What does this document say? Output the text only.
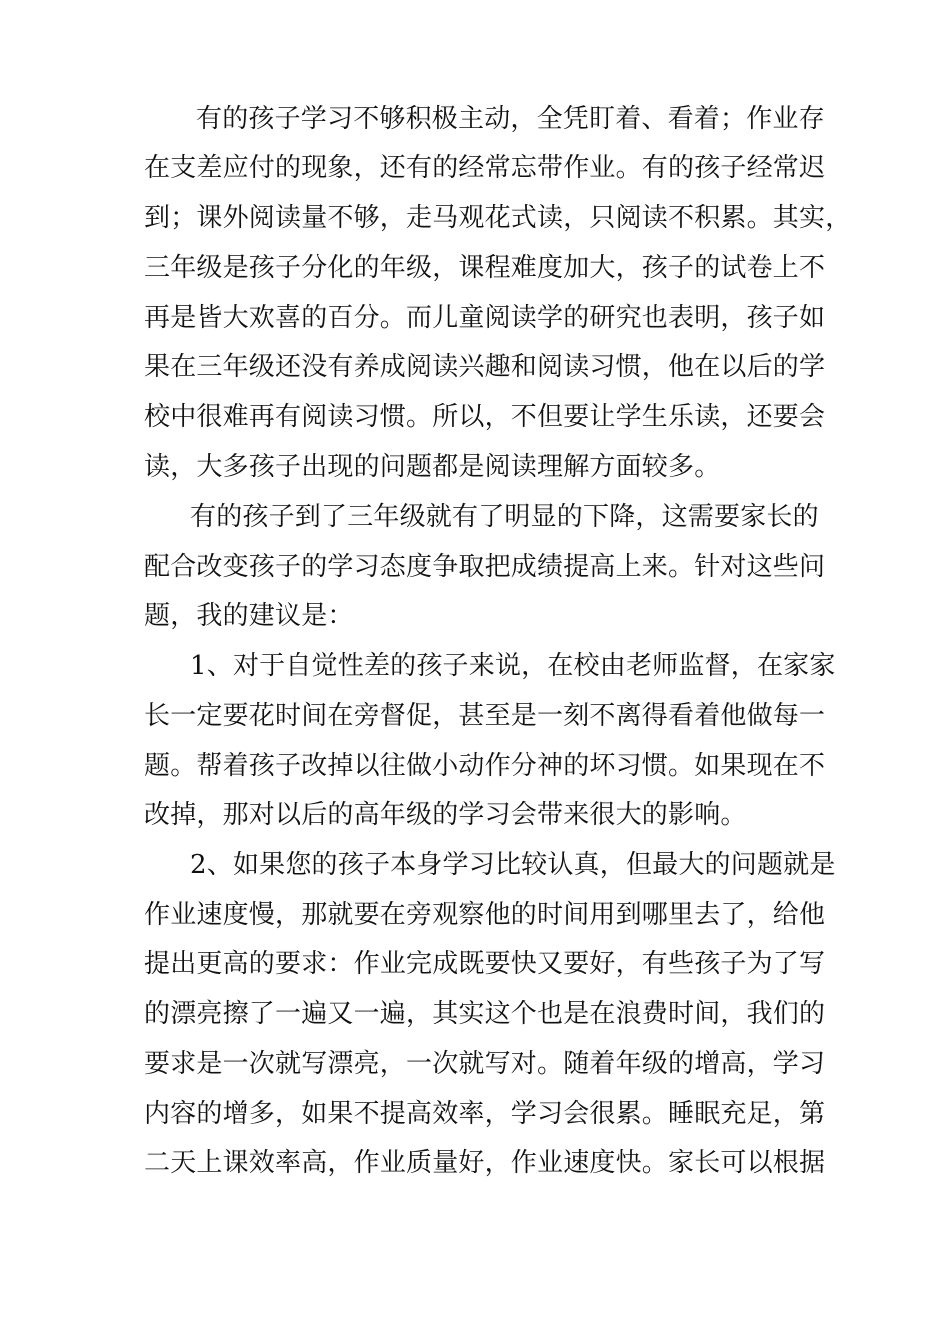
有的孩子学习不够积极主动，全凭盯着、看着；作业存
在支差应付的现象，还有的经常忘带作业。有的孩子经常迟
到；课外阅读量不够，走马观花式读，只阅读不积累。其实，
三年级是孩子分化的年级，课程难度加大，孩子的试卷上不
再是皆大欢喜的百分。而儿童阅读学的研究也表明，孩子如
果在三年级还没有养成阅读兴趣和阅读习惯，他在以后的学
校中很难再有阅读习惯。所以，不但要让学生乐读，还要会
读，大多孩子出现的问题都是阅读理解方面较多。
有的孩子到了三年级就有了明显的下降，这需要家长的
配合改变孩子的学习态度争取把成绩提高上来。针对这些问
题，我的建议是：
1、对于自觉性差的孩子来说，在校由老师监督，在家家
长一定要花时间在旁督促，甚至是一刻不离得看着他做每一
题。帮着孩子改掉以往做小动作分神的坏习惯。如果现在不
改掉，那对以后的高年级的学习会带来很大的影响。
2、如果您的孩子本身学习比较认真，但最大的问题就是
作业速度慢，那就要在旁观察他的时间用到哪里去了，给他
提出更高的要求：作业完成既要快又要好，有些孩子为了写
的漂亮擦了一遍又一遍，其实这个也是在浪费时间，我们的
要求是一次就写漂亮，一次就写对。随着年级的增高，学习
内容的增多，如果不提高效率，学习会很累。睡眠充足，第
二天上课效率高，作业质量好，作业速度快。家长可以根据
